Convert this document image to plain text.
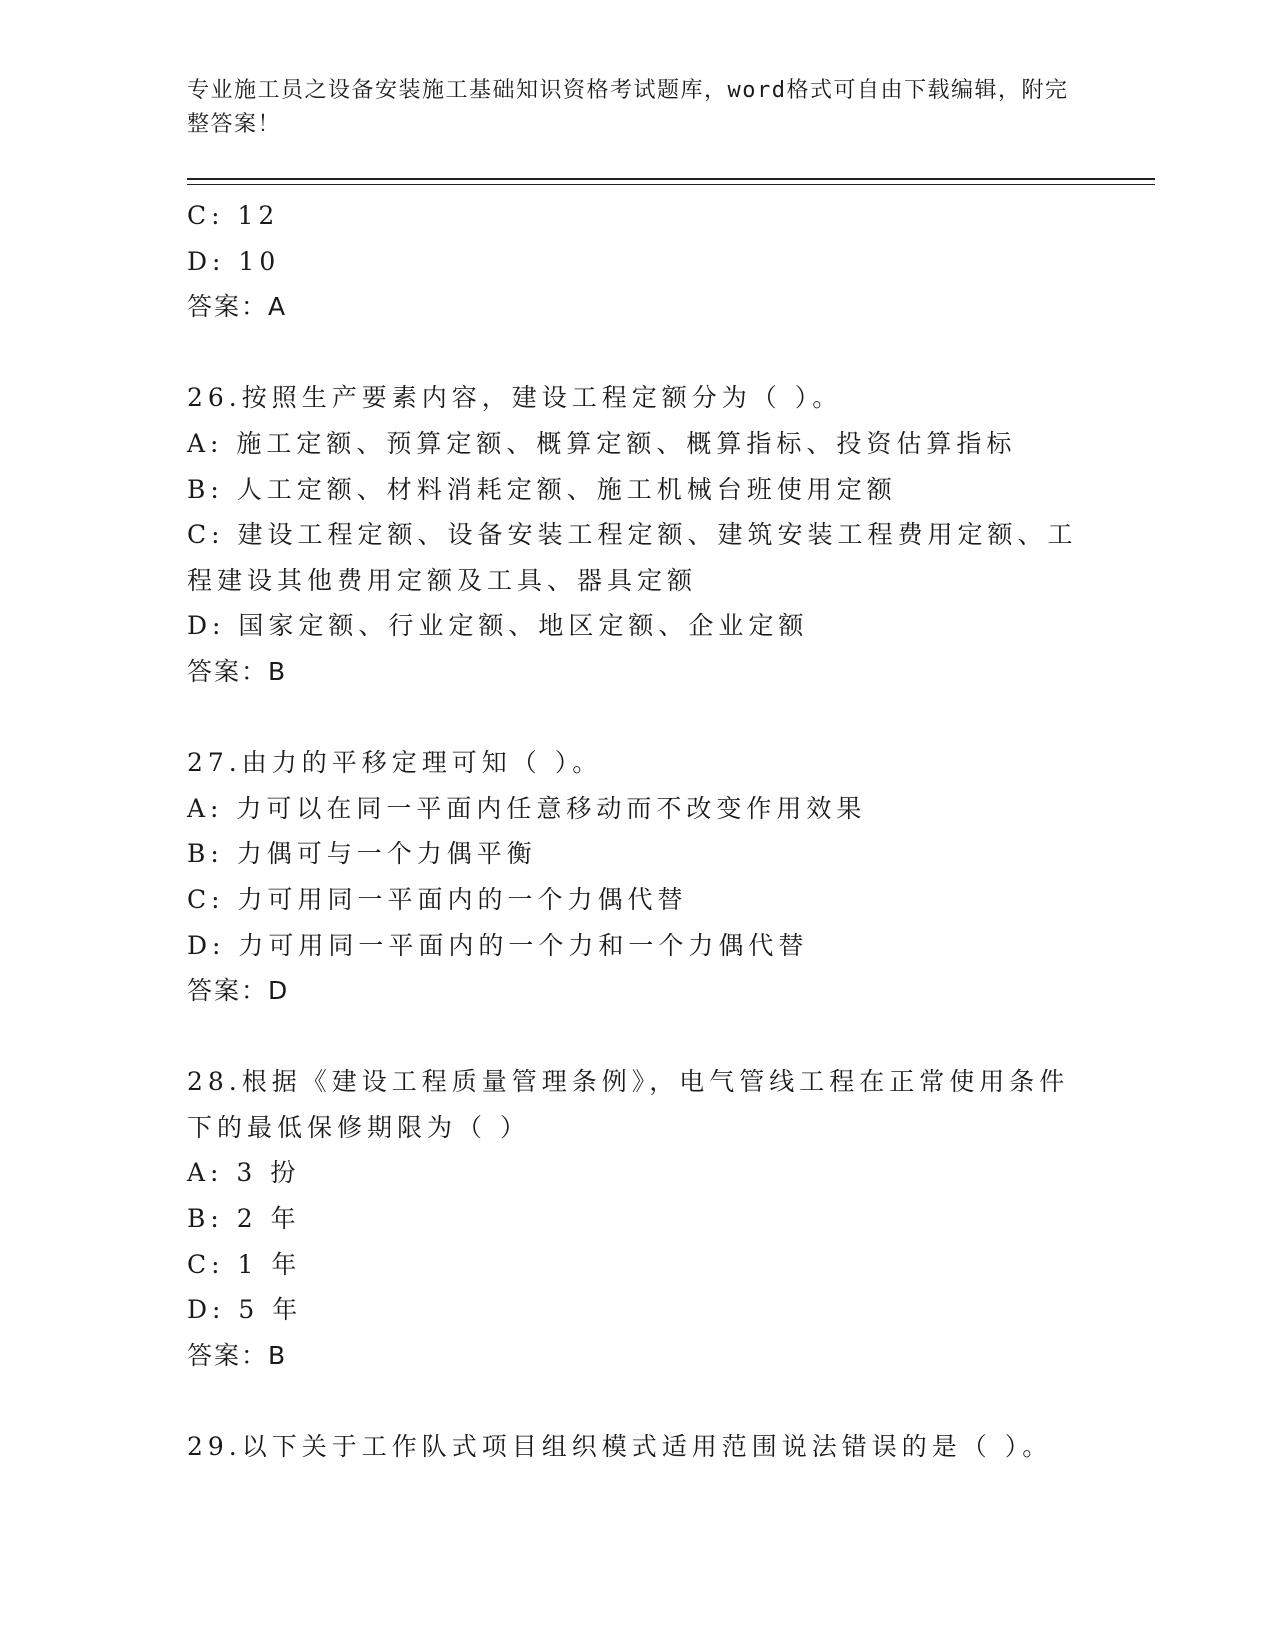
专业施工员之设备安装施工基础知识资格考试题库，word格式可自由下载编辑，附完整答案！

C: 12

D: 10

答案：A

26.按照生产要素内容，建设工程定额分为（ ）。

A: 施工定额、预算定额、概算定额、概算指标、投资估算指标

B: 人工定额、材料消耗定额、施工机械台班使用定额

C: 建设工程定额、设备安装工程定额、建筑安装工程费用定额、工程建设其他费用定额及工具、器具定额

D: 国家定额、行业定额、地区定额、企业定额

答案：B

27.由力的平移定理可知（ ）。

A: 力可以在同一平面内任意移动而不改变作用效果

B: 力偶可与一个力偶平衡

C: 力可用同一平面内的一个力偶代替

D: 力可用同一平面内的一个力和一个力偶代替

答案：D

28.根据《建设工程质量管理条例》，电气管线工程在正常使用条件下的最低保修期限为（ ）

A: 3 扮

B: 2 年

C: 1 年

D: 5 年

答案：B

29.以下关于工作队式项目组织模式适用范围说法错误的是（ ）。
